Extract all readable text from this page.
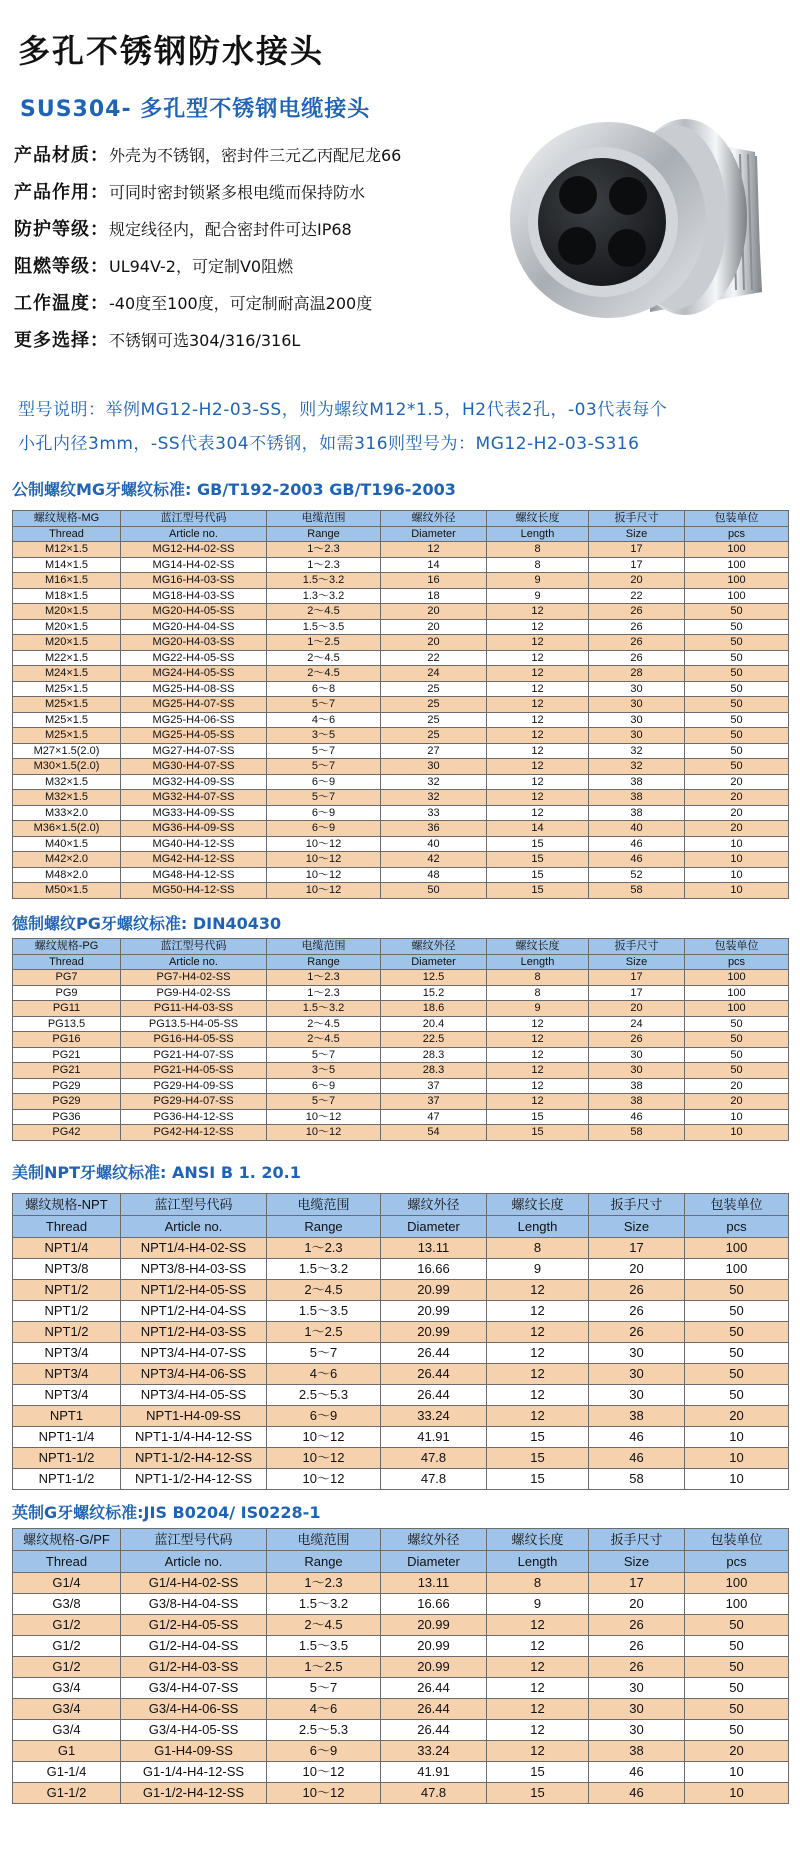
多孔不锈钢防水接头
SUS304- 多孔型不锈钢电缆接头
产品材质：外壳为不锈钢，密封件三元乙丙配尼龙66
产品作用：可同时密封锁紧多根电缆而保持防水
防护等级：规定线径内，配合密封件可达IP68
阻燃等级：UL94V-2，可定制V0阻燃
工作温度：-40度至100度，可定制耐高温200度
更多选择：不锈钢可选304/316/316L
型号说明：举例MG12-H2-03-SS，则为螺纹M12*1.5，H2代表2孔，-03代表每个
小孔内径3mm，-SS代表304不锈钢，如需316则型号为：MG12-H2-03-S316
公制螺纹MG牙螺纹标准: GB/T192-2003 GB/T196-2003
螺纹规格-MG	蓝江型号代码	电缆范围	螺纹外径	螺纹长度	扳手尺寸	包装单位
Thread	Article no.	Range	Diameter	Length	Size	pcs
M12×1.5	MG12-H4-02-SS	1～2.3	12	8	17	100
M14×1.5	MG14-H4-02-SS	1～2.3	14	8	17	100
M16×1.5	MG16-H4-03-SS	1.5～3.2	16	9	20	100
M18×1.5	MG18-H4-03-SS	1.3～3.2	18	9	22	100
M20×1.5	MG20-H4-05-SS	2～4.5	20	12	26	50
M20×1.5	MG20-H4-04-SS	1.5～3.5	20	12	26	50
M20×1.5	MG20-H4-03-SS	1～2.5	20	12	26	50
M22×1.5	MG22-H4-05-SS	2～4.5	22	12	26	50
M24×1.5	MG24-H4-05-SS	2～4.5	24	12	28	50
M25×1.5	MG25-H4-08-SS	6～8	25	12	30	50
M25×1.5	MG25-H4-07-SS	5～7	25	12	30	50
M25×1.5	MG25-H4-06-SS	4～6	25	12	30	50
M25×1.5	MG25-H4-05-SS	3～5	25	12	30	50
M27×1.5(2.0)	MG27-H4-07-SS	5～7	27	12	32	50
M30×1.5(2.0)	MG30-H4-07-SS	5～7	30	12	32	50
M32×1.5	MG32-H4-09-SS	6～9	32	12	38	20
M32×1.5	MG32-H4-07-SS	5～7	32	12	38	20
M33×2.0	MG33-H4-09-SS	6～9	33	12	38	20
M36×1.5(2.0)	MG36-H4-09-SS	6～9	36	14	40	20
M40×1.5	MG40-H4-12-SS	10～12	40	15	46	10
M42×2.0	MG42-H4-12-SS	10～12	42	15	46	10
M48×2.0	MG48-H4-12-SS	10～12	48	15	52	10
M50×1.5	MG50-H4-12-SS	10～12	50	15	58	10
德制螺纹PG牙螺纹标准: DIN40430
螺纹规格-PG	蓝江型号代码	电缆范围	螺纹外径	螺纹长度	扳手尺寸	包装单位
Thread	Article no.	Range	Diameter	Length	Size	pcs
PG7	PG7-H4-02-SS	1～2.3	12.5	8	17	100
PG9	PG9-H4-02-SS	1～2.3	15.2	8	17	100
PG11	PG11-H4-03-SS	1.5～3.2	18.6	9	20	100
PG13.5	PG13.5-H4-05-SS	2～4.5	20.4	12	24	50
PG16	PG16-H4-05-SS	2～4.5	22.5	12	26	50
PG21	PG21-H4-07-SS	5～7	28.3	12	30	50
PG21	PG21-H4-05-SS	3～5	28.3	12	30	50
PG29	PG29-H4-09-SS	6～9	37	12	38	20
PG29	PG29-H4-07-SS	5～7	37	12	38	20
PG36	PG36-H4-12-SS	10～12	47	15	46	10
PG42	PG42-H4-12-SS	10～12	54	15	58	10
美制NPT牙螺纹标准: ANSI B 1. 20.1
螺纹规格-NPT	蓝江型号代码	电缆范围	螺纹外径	螺纹长度	扳手尺寸	包装单位
Thread	Article no.	Range	Diameter	Length	Size	pcs
NPT1/4	NPT1/4-H4-02-SS	1～2.3	13.11	8	17	100
NPT3/8	NPT3/8-H4-03-SS	1.5～3.2	16.66	9	20	100
NPT1/2	NPT1/2-H4-05-SS	2～4.5	20.99	12	26	50
NPT1/2	NPT1/2-H4-04-SS	1.5～3.5	20.99	12	26	50
NPT1/2	NPT1/2-H4-03-SS	1～2.5	20.99	12	26	50
NPT3/4	NPT3/4-H4-07-SS	5～7	26.44	12	30	50
NPT3/4	NPT3/4-H4-06-SS	4～6	26.44	12	30	50
NPT3/4	NPT3/4-H4-05-SS	2.5～5.3	26.44	12	30	50
NPT1	NPT1-H4-09-SS	6～9	33.24	12	38	20
NPT1-1/4	NPT1-1/4-H4-12-SS	10～12	41.91	15	46	10
NPT1-1/2	NPT1-1/2-H4-12-SS	10～12	47.8	15	46	10
NPT1-1/2	NPT1-1/2-H4-12-SS	10～12	47.8	15	58	10
英制G牙螺纹标准:JIS B0204/ IS0228-1
螺纹规格-G/PF	蓝江型号代码	电缆范围	螺纹外径	螺纹长度	扳手尺寸	包装单位
Thread	Article no.	Range	Diameter	Length	Size	pcs
G1/4	G1/4-H4-02-SS	1～2.3	13.11	8	17	100
G3/8	G3/8-H4-04-SS	1.5～3.2	16.66	9	20	100
G1/2	G1/2-H4-05-SS	2～4.5	20.99	12	26	50
G1/2	G1/2-H4-04-SS	1.5～3.5	20.99	12	26	50
G1/2	G1/2-H4-03-SS	1～2.5	20.99	12	26	50
G3/4	G3/4-H4-07-SS	5～7	26.44	12	30	50
G3/4	G3/4-H4-06-SS	4～6	26.44	12	30	50
G3/4	G3/4-H4-05-SS	2.5～5.3	26.44	12	30	50
G1	G1-H4-09-SS	6～9	33.24	12	38	20
G1-1/4	G1-1/4-H4-12-SS	10～12	41.91	15	46	10
G1-1/2	G1-1/2-H4-12-SS	10～12	47.8	15	46	10
